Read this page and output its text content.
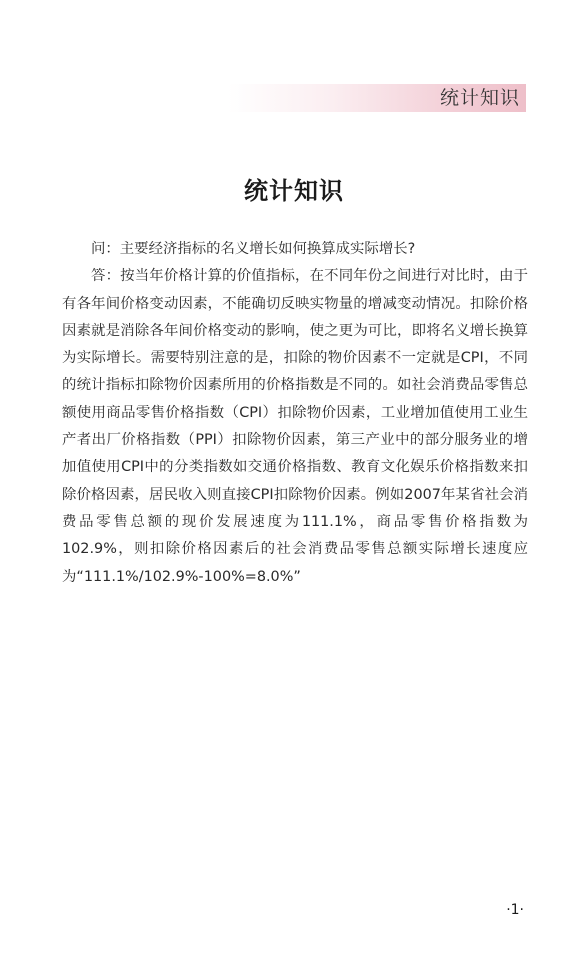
统计知识
统计知识

问：主要经济指标的名义增长如何换算成实际增长?

答：按当年价格计算的价值指标，在不同年份之间进行对比时，由于有各年间价格变动因素，不能确切反映实物量的增减变动情况。扣除价格因素就是消除各年间价格变动的影响，使之更为可比，即将名义增长换算为实际增长。需要特别注意的是，扣除的物价因素不一定就是CPI，不同的统计指标扣除物价因素所用的价格指数是不同的。如社会消费品零售总额使用商品零售价格指数（CPI）扣除物价因素，工业增加值使用工业生产者出厂价格指数（PPI）扣除物价因素，第三产业中的部分服务业的增加值使用CPI中的分类指数如交通价格指数、教育文化娱乐价格指数来扣除价格因素，居民收入则直接CPI扣除物价因素。例如2007年某省社会消费品零售总额的现价发展速度为111.1%，商品零售价格指数为102.9%，则扣除价格因素后的社会消费品零售总额实际增长速度应为“111.1%/102.9%-100%=8.0%”

·1·
